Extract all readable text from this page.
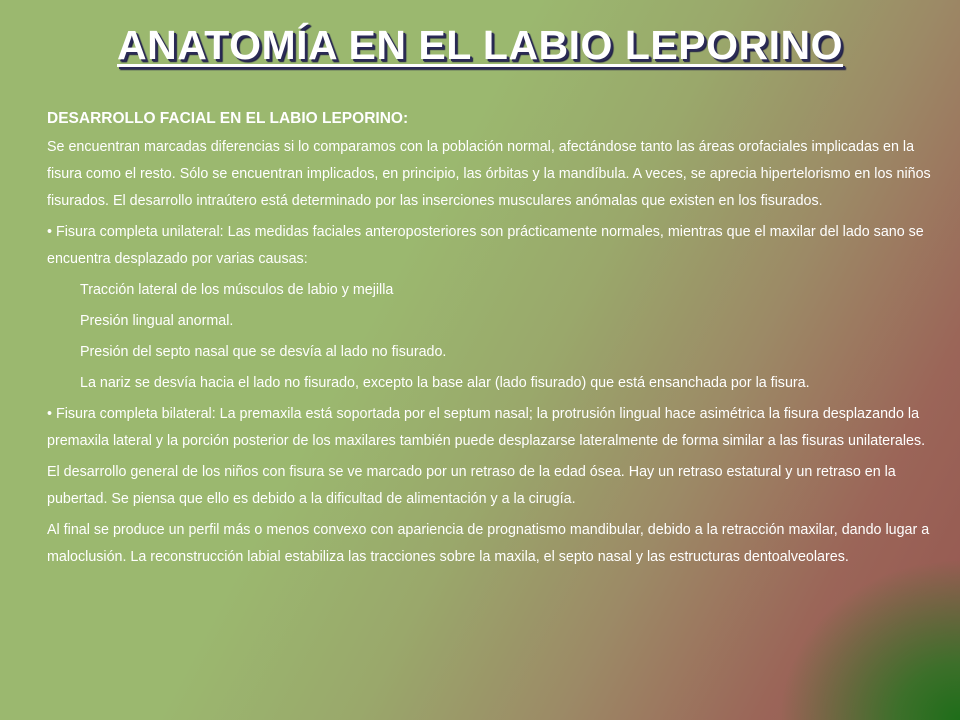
ANATOMÍA EN EL LABIO LEPORINO

DESARROLLO FACIAL EN EL LABIO LEPORINO:

Se encuentran marcadas diferencias si lo comparamos con la población normal, afectándose tanto las áreas orofaciales implicadas en la fisura como el resto. Sólo se encuentran implicados, en principio, las órbitas y la mandíbula. A veces, se aprecia hipertelorismo en los niños fisurados. El desarrollo intraútero está determinado por las inserciones musculares anómalas que existen en los fisurados.

• Fisura completa unilateral: Las medidas faciales anteroposteriores son prácticamente normales, mientras que el maxilar del lado sano se encuentra desplazado por varias causas:

Tracción lateral de los músculos de labio y mejilla

Presión lingual anormal.

Presión del septo nasal que se desvía al lado no fisurado.

La nariz se desvía hacia el lado no fisurado, excepto la base alar (lado fisurado) que está ensanchada por la fisura.

• Fisura completa bilateral: La premaxila está soportada por el septum nasal; la protrusión lingual hace asimétrica la fisura desplazando la premaxila lateral y la porción posterior de los maxilares también puede desplazarse lateralmente de forma similar a las fisuras unilaterales.

El desarrollo general de los niños con fisura se ve marcado por un retraso de la edad ósea. Hay un retraso estatural y un retraso en la pubertad. Se piensa que ello es debido a la dificultad de alimentación y a la cirugía.

Al final se produce un perfil más o menos convexo con apariencia de prognatismo mandibular, debido a la retracción maxilar, dando lugar a maloclusión. La reconstrucción labial estabiliza las tracciones sobre la maxila, el septo nasal y las estructuras dentoalveolares.
